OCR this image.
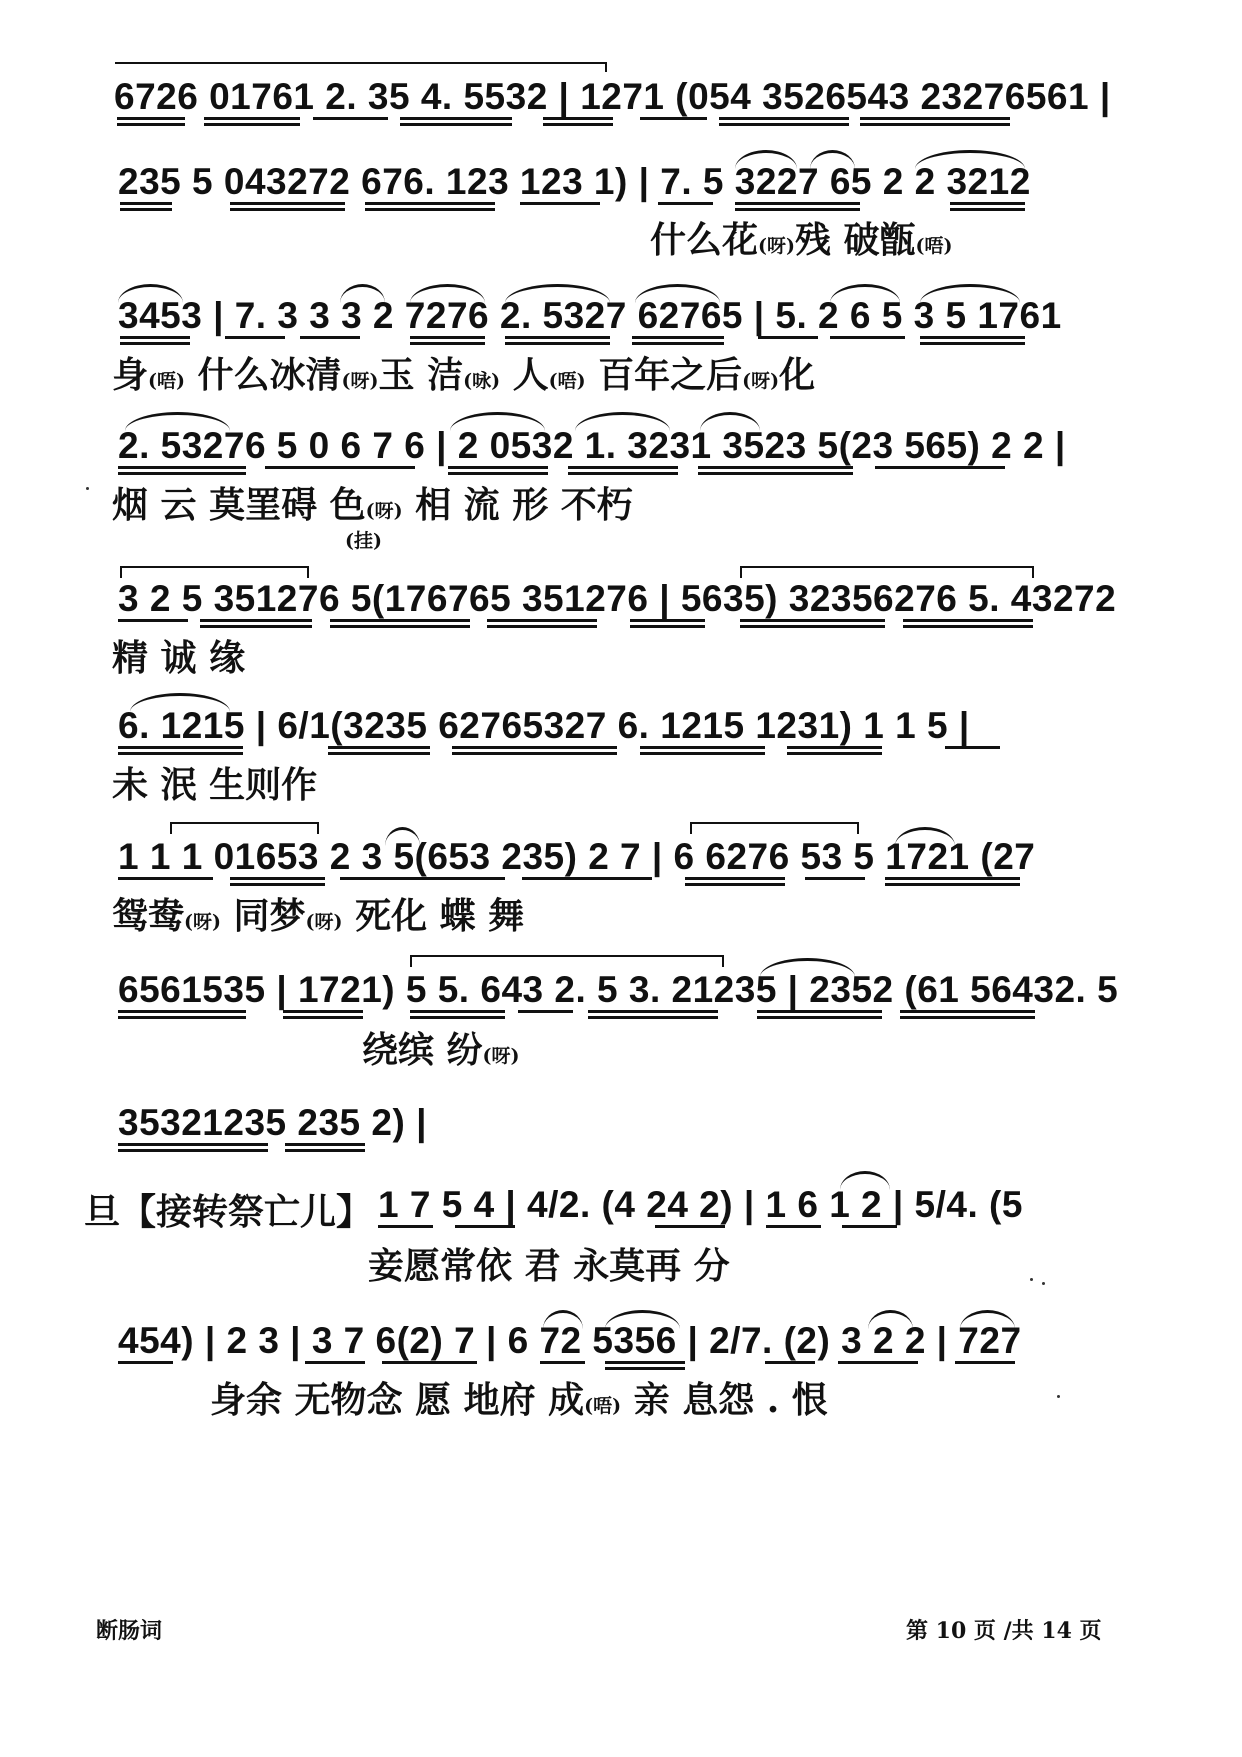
6726 01761 2. 35 4. 5532 | 1271 (054 3526543 23276561 |
235 5 043272 676. 123 123 1) | 7. 5 3227 65 2 2 3212
什么花(呀)残 破甑(唔)
3453 | 7. 3 3 3 2 7276 2. 5327 62765 | 5. 2 6 5 3 5 1761
身(唔) 什么冰清(呀)玉 洁(咏) 人(唔) 百年之后(呀)化
2. 53276 5 0 6 7 6 | 2 0532 1. 3231 3523 5(23 565) 2 2 |
烟 云 莫罣碍 色(呀) 相 流 形 不朽
(挂)
3 2 5 351276 5(176765 351276 | 5635) 32356276 5. 43272
精 诚 缘
6. 1215 | 6/1(3235 62765327 6. 1215 1231) 1 1 5 |
未 泯 生则作
1 1 1 01653 2 3 5(653 235) 2 7 | 6 6276 53 5 1721 (27
鸳鸯(呀) 同梦(呀) 死化 蝶 舞
6561535 | 1721) 5 5. 643 2. 5 3. 21235 | 2352 (61 56432. 5
绕缤 纷(呀)
35321235 235 2) |
旦【接转祭亡儿】 1 7 5 4 | 4/2. (4 24 2) | 1 6 1 2 | 5/4. (5
妾愿常依 君 永莫再 分
454) | 2 3 | 3 7 6(2) 7 | 6 72 5356 | 2/7. (2) 3 2 2 | 727
身余 无物念 愿 地府 成(唔) 亲 息怨 . 恨
断肠词	第 10 页 /共 14 页
